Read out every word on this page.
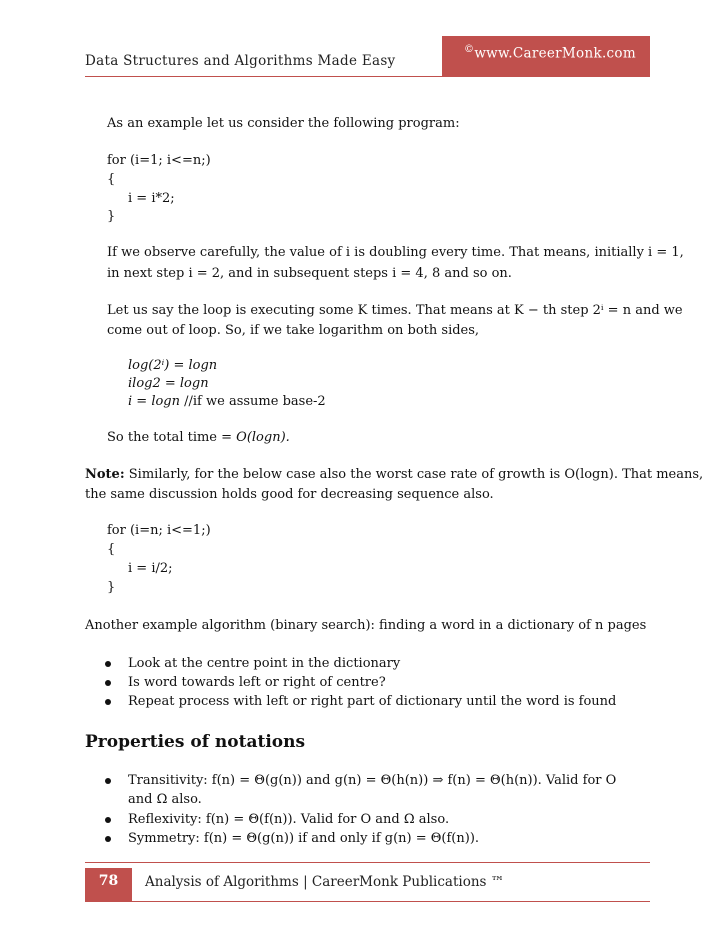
Data Structures and Algorithms Made Easy
©www.CareerMonk.com
As an example let us consider the following program:
for (i=1; i<=n;)
{
i = i*2;
}
If we observe carefully, the value of i is doubling every time. That means, initially i = 1,
in next step i = 2, and in subsequent steps i = 4, 8 and so on.
Let us say the loop is executing some K times. That means at K − th step 2ⁱ = n and we
come out of loop. So, if we take logarithm on both sides,
log(2ⁱ) = logn
ilog2 = logn
i = logn //if we assume base-2
So the total time = O(logn).
Note: Similarly, for the below case also the worst case rate of growth is O(logn). That means,
the same discussion holds good for decreasing sequence also.
for (i=n; i<=1;)
{
i = i/2;
}
Another example algorithm (binary search): finding a word in a dictionary of n pages
Look at the centre point in the dictionary
Is word towards left or right of centre?
Repeat process with left or right part of dictionary until the word is found
Properties of notations
Transitivity: f(n) = Θ(g(n)) and g(n) = Θ(h(n)) ⇒ f(n) = Θ(h(n)). Valid for O
and Ω also.
Reflexivity: f(n) = Θ(f(n)). Valid for O and Ω also.
Symmetry: f(n) = Θ(g(n)) if and only if g(n) = Θ(f(n)).
78	Analysis of Algorithms | CareerMonk Publications ™
